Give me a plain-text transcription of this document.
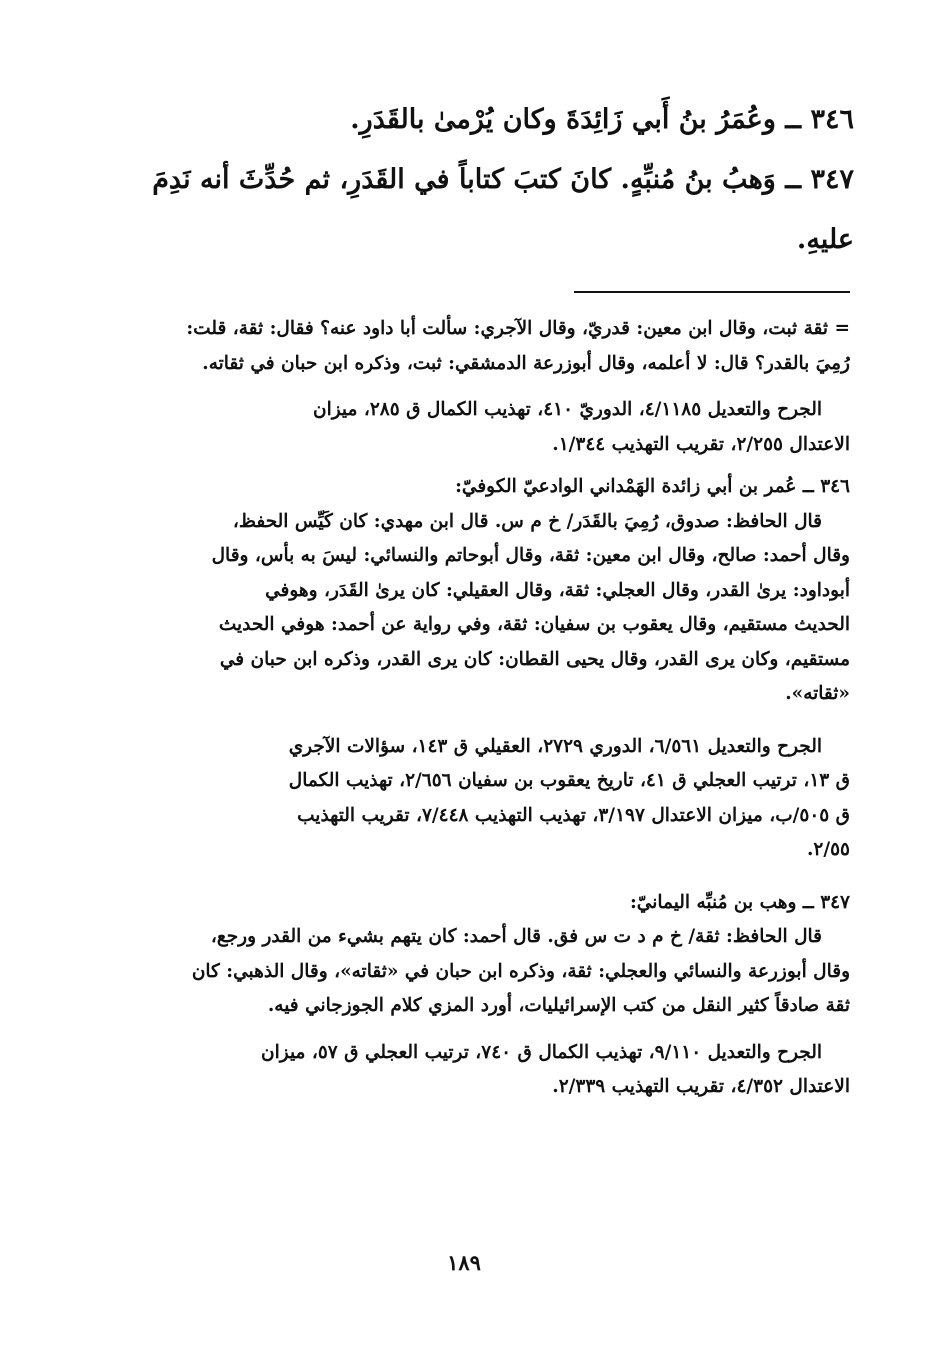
٣٤٦ ــ وعُمَرُ بنُ أَبي زَائِدَةَ وكان يُرْمىٰ بالقَدَرِ.
٣٤٧ ــ وَهبُ بنُ مُنبِّهٍ. كانَ كتبَ كتاباً في القَدَرِ، ثم حُدِّثَ أنه نَدِمَ
عليهِ.
= ثقة ثبت، وقال ابن معين: قدريّ، وقال الآجري: سألت أبا داود عنه؟ فقال: ثقة، قلت:
رُمِيَ بالقدر؟ قال: لا أعلمه، وقال أبوزرعة الدمشقي: ثبت، وذكره ابن حبان في ثقاته.
الجرح والتعديل ٤/١١٨٥، الدوريّ ٤١٠، تهذيب الكمال ق ٢٨٥، ميزان
الاعتدال ٢/٢٥٥، تقريب التهذيب ١/٣٤٤.
٣٤٦ ــ عُمر بن أبي زائدة الهَمْداني الوادعيّ الكوفيّ:
قال الحافظ: صدوق، رُمِيَ بالقَدَر/ خ م س. قال ابن مهدي: كان كَيِّس الحفظ،
وقال أحمد: صالح، وقال ابن معين: ثقة، وقال أبوحاتم والنسائي: ليسَ به بأس، وقال
أبوداود: يرىٰ القدر، وقال العجلي: ثقة، وقال العقيلي: كان يرىٰ القَدَر، وهوفي
الحديث مستقيم، وقال يعقوب بن سفيان: ثقة، وفي رواية عن أحمد: هوفي الحديث
مستقيم، وكان يرى القدر، وقال يحيى القطان: كان يرى القدر، وذكره ابن حبان في
«ثقاته».
الجرح والتعديل ٦/٥٦١، الدوري ٢٧٢٩، العقيلي ق ١٤٣، سؤالات الآجري
ق ١٣، ترتيب العجلي ق ٤١، تاريخ يعقوب بن سفيان ٢/٦٥٦، تهذيب الكمال
ق ٥٠٥/ب، ميزان الاعتدال ٣/١٩٧، تهذيب التهذيب ٧/٤٤٨، تقريب التهذيب
٢/٥٥.
٣٤٧ ــ وهب بن مُنبِّه اليمانيّ:
قال الحافظ: ثقة/ خ م د ت س فق. قال أحمد: كان يتهم بشيء من القدر ورجع،
وقال أبوزرعة والنسائي والعجلي: ثقة، وذكره ابن حبان في «ثقاته»، وقال الذهبي: كان
ثقة صادقاً كثير النقل من كتب الإسرائيليات، أورد المزي كلام الجوزجاني فيه.
الجرح والتعديل ٩/١١٠، تهذيب الكمال ق ٧٤٠، ترتيب العجلي ق ٥٧، ميزان
الاعتدال ٤/٣٥٢، تقريب التهذيب ٢/٣٣٩.
١٨٩
